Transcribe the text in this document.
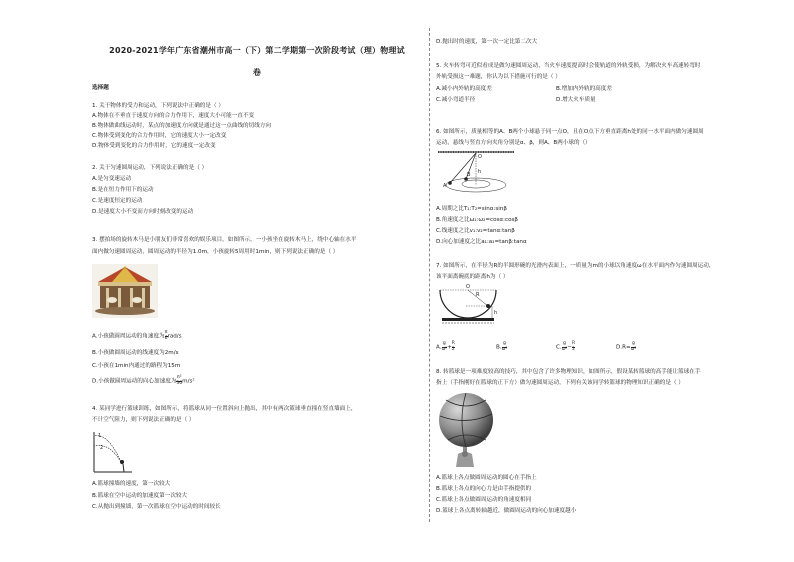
2020-2021学年广东省潮州市高一（下）第二学期第一次阶段考试（理）物理试
卷
选择题
1. 关于物体的受力和运动，下列说法中正确的是（ ）
A.物体在不垂直于速度方向的合力作用下，速度大小可能一直不变
B.物体做曲线运动时，某点的加速度方向就是通过这一点曲线的切线方向
C.物体受到变化的合力作用时，它的速度大小一定改变
D.物体受到变化的合力作用时，它的速度一定改变
2. 关于匀速圆周运动，下列说法正确的是（ ）
A.是匀变速运动
B.是在恒力作用下的运动
C.是速度恒定的运动
D.是速度大小不变而方向时刻改变的运动
3. 摆拍场的旋转木马是小朋友们非常喜欢的娱乐项目，如图所示，一小孩坐在旋转木马上，绕中心轴在水平
面内做匀速圆周运动，圆周运动的半径为1.0m，小孩旋转5周用时1min，则下列说法正确的是（ ）
A.小孩做圆周运动的角速度为 $\frac{\pi}{6} rad/s$
B.小孩做圆周运动的线速度为2m/s
C.小孩在1min内通过的路程为15m
D.小孩做圆周运动的向心加速度为 $\frac{\text{π²}}{36} m/s^2$
4. 某同学进行篮球训练，如图所示，将篮球从同一位置斜向上抛出，其中有两次篮球垂直撞在竖直墙面上，
不计空气阻力，则下列说法正确的是（ ）
1
2
A.篮球撞墙的速度，第一次较大
B.篮球在空中运动的加速度第一次较大
C.从抛出到撞墙，第一次篮球在空中运动的时间较长
D.抛出时的速度，第一次一定比第二次大
5. 火车转弯可近似看成是做匀速圆周运动，当火车速度提高时会使轨道的外轨受损，为解决火车高速转弯时
外轨受损这一难题，你认为以下措施可行的是（ ）
A.减小内外轨的高度差	B.增加内外轨的高度差
C.减小弯道半径	D.增大火车质量
6. 如图所示，质量相等的A、B两个小球悬于同一点O，且在O点下方垂直距离h处的同一水平面内做匀速圆周
运动，悬线与竖直方向夹角分别是α、β，则A、B两小球的（）
O
A
B h
A.周期之比T₁:T₂=sinα:sinβ
B.角速度之比ω₁:ω₂=cosα:cosβ
C.线速度之比v₁:v₂=tanα:tanβ
D.向心加速度之比a₁:a₂=tanβ:tanα
7. 如图所示，在半径为R的半圆形碗的光滑内表面上，一质量为m的小球以角速度ω在水平面内作匀速圆周运动，
该平面离碗底的距离h为（ ）
O
R
h
A. $\frac{g}{\text{ω²}} + \frac{R}{2}$	B. $\frac{g}{\text{ω²}}$	C. $\frac{g}{\text{ω²}} - \frac{R}{2}$	$D.R= \frac{g}{\text{ω²}}$
8. 转篮球是一项难度较高的技巧，其中包含了许多物理知识，如图所示，假设某转篮球的高手能让篮球在手
指上（手指刚好在篮球的正下方）做匀速圆周运动，下列有关该同学转篮球的物理知识正确的是（ ）
A.篮球上各点做圆周运动的圆心在手指上
B.篮球上各点的向心力是由手指提供的
C.篮球上各点做圆周运动的角速度相同
D.篮球上各点离转轴越近，做圆周运动的向心加速度越小
